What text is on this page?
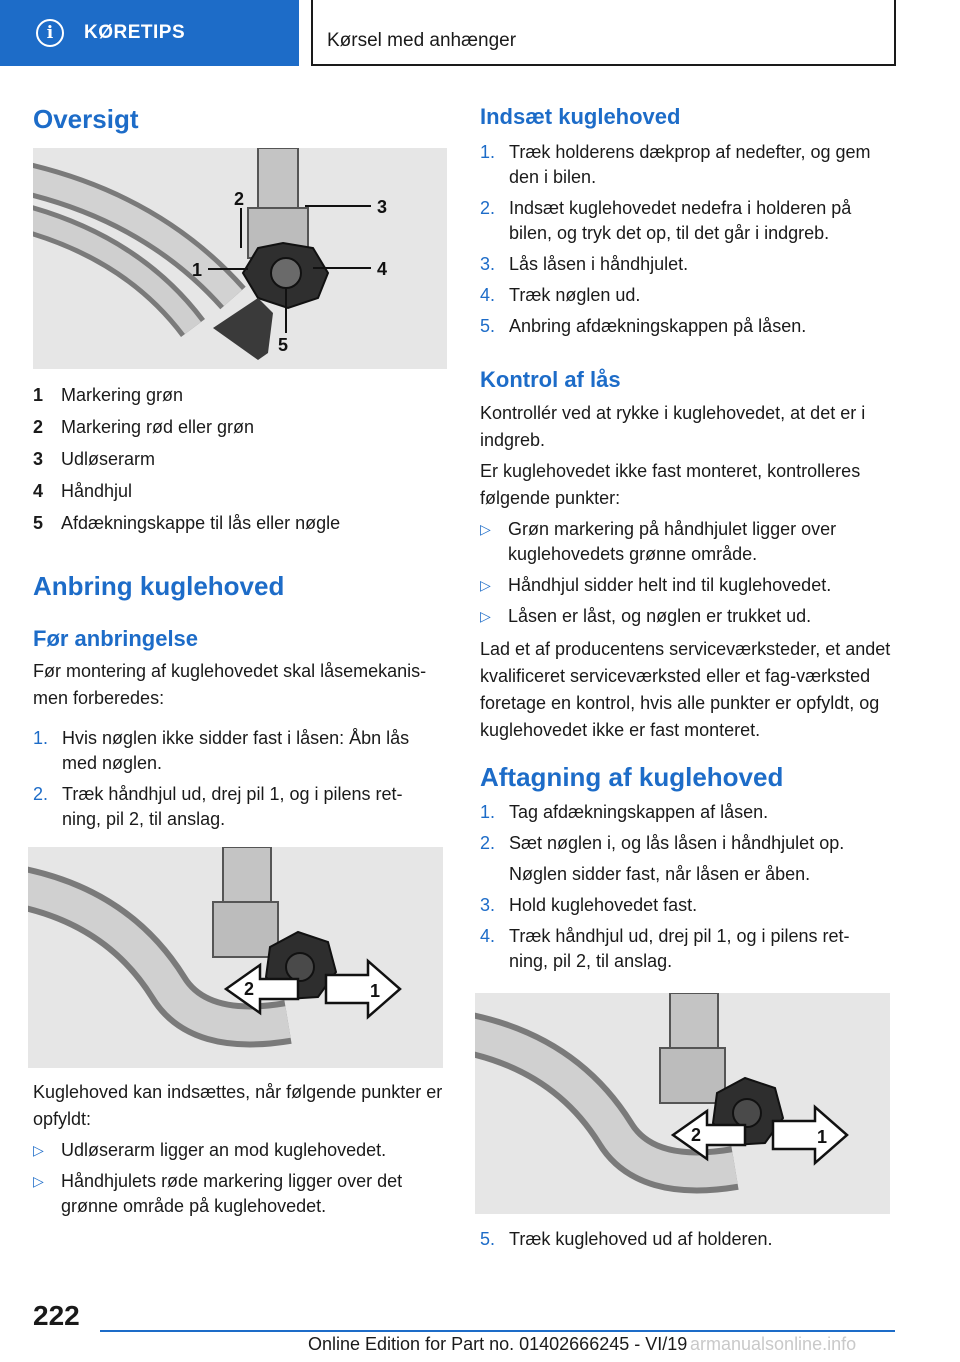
i	KØRETIPS	Kørsel med anhænger
Oversigt
1
2	3
4
5
1 Markering grøn
2 Markering rød eller grøn
3 Udløserarm
4 Håndhjul
5 Afdækningskappe til lås eller nøgle
Anbring kuglehoved
Før anbringelse
Før montering af kuglehovedet skal låsemekanis-men forberedes:
1. Hvis nøglen ikke sidder fast i låsen: Åbn lås med nøglen.
2. Træk håndhjul ud, drej pil 1, og i pilens ret-ning, pil 2, til anslag.
2	1
Kuglehoved kan indsættes, når følgende punkter er opfyldt:
▷ Udløserarm ligger an mod kuglehovedet.
▷ Håndhjulets røde markering ligger over det grønne område på kuglehovedet.
Indsæt kuglehoved
1. Træk holderens dækprop af nedefter, og gem den i bilen.
2. Indsæt kuglehovedet nedefra i holderen på bilen, og tryk det op, til det går i indgreb.
3. Lås låsen i håndhjulet.
4. Træk nøglen ud.
5. Anbring afdækningskappen på låsen.
Kontrol af lås
Kontrollér ved at rykke i kuglehovedet, at det er i indgreb.
Er kuglehovedet ikke fast monteret, kontrolleres følgende punkter:
▷ Grøn markering på håndhjulet ligger over kuglehovedets grønne område.
▷ Håndhjul sidder helt ind til kuglehovedet.
▷ Låsen er låst, og nøglen er trukket ud.
Lad et af producentens serviceværksteder, et andet kvalificeret serviceværksted eller et fag-værksted foretage en kontrol, hvis alle punkter er opfyldt, og kuglehovedet ikke er fast monteret.
Aftagning af kuglehoved
1. Tag afdækningskappen af låsen.
2. Sæt nøglen i, og lås låsen i håndhjulet op.
Nøglen sidder fast, når låsen er åben.
3. Hold kuglehovedet fast.
4. Træk håndhjul ud, drej pil 1, og i pilens ret-ning, pil 2, til anslag.
2	1
5. Træk kuglehoved ud af holderen.
222
Online Edition for Part no. 01402666245 - VI/19 armanualsonline.info
